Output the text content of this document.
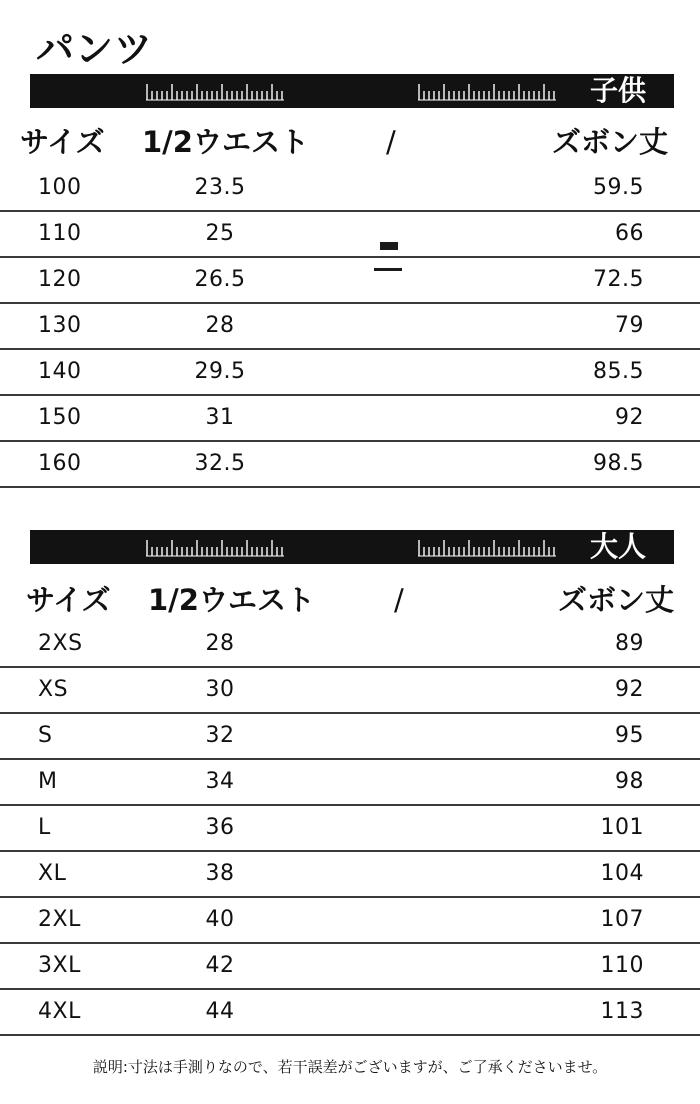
パンツ
子供
サイズ 1/2ウエスト	/	ズボン丈
100	23.5	59.5
110	25	66
120	26.5	72.5
130	28	79
140	29.5	85.5
150	31	92
160	32.5	98.5
大人
サイズ 1/2ウエスト	/	ズボン丈
2XS	28	89
XS	30	92
S	32	95
M	34	98
L	36	101
XL	38	104
2XL	40	107
3XL	42	110
4XL	44	113
説明:寸法は手測りなので、若干誤差がございますが、ご了承くださいませ。
